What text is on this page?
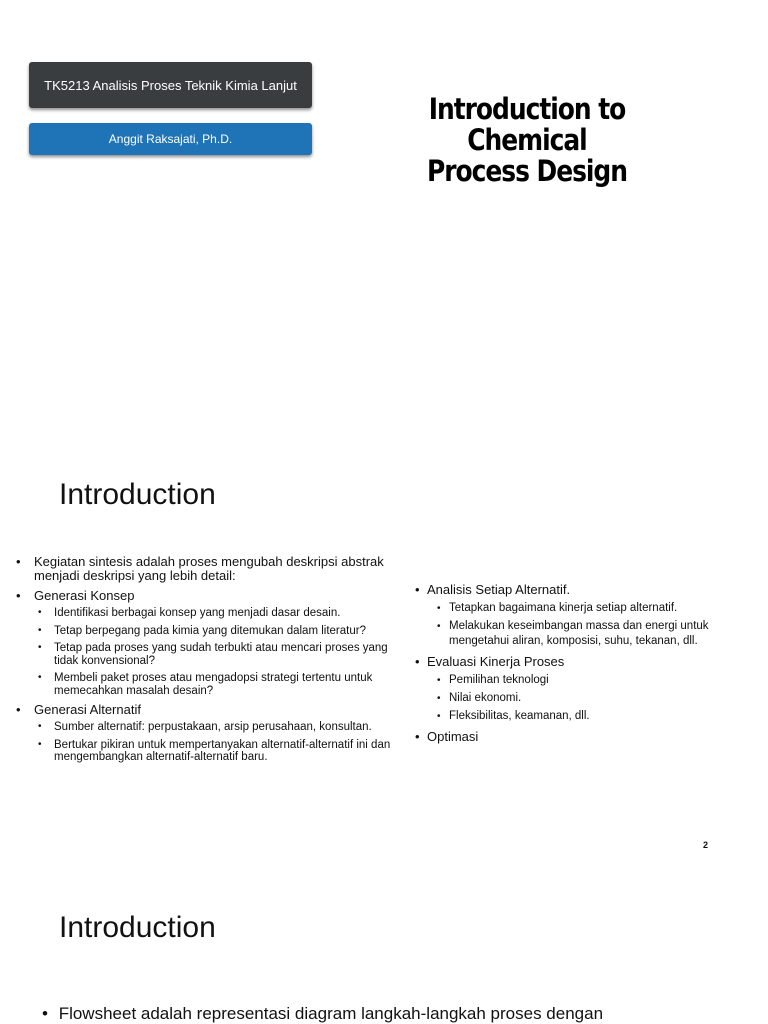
TK5213 Analisis Proses Teknik Kimia Lanjut
Anggit Raksajati, Ph.D.
Introduction to Chemical
Process Design
Introduction
• Kegiatan sintesis adalah proses mengubah deskripsi abstrak menjadi deskripsi yang lebih detail:
• Generasi Konsep
• Identifikasi berbagai konsep yang menjadi dasar desain.
• Tetap berpegang pada kimia yang ditemukan dalam literatur?
• Tetap pada proses yang sudah terbukti atau mencari proses yang tidak konvensional?
• Membeli paket proses atau mengadopsi strategi tertentu untuk memecahkan masalah desain?
• Generasi Alternatif
• Sumber alternatif: perpustakaan, arsip perusahaan, konsultan.
• Bertukar pikiran untuk mempertanyakan alternatif-alternatif ini dan mengembangkan alternatif-alternatif baru.
• Analisis Setiap Alternatif.
• Tetapkan bagaimana kinerja setiap alternatif.
• Melakukan keseimbangan massa dan energi untuk mengetahui aliran, komposisi, suhu, tekanan, dll.
• Evaluasi Kinerja Proses
• Pemilihan teknologi
• Nilai ekonomi.
• Fleksibilitas, keamanan, dll.
• Optimasi
2
Introduction
• Flowsheet adalah representasi diagram langkah-langkah proses dengan
